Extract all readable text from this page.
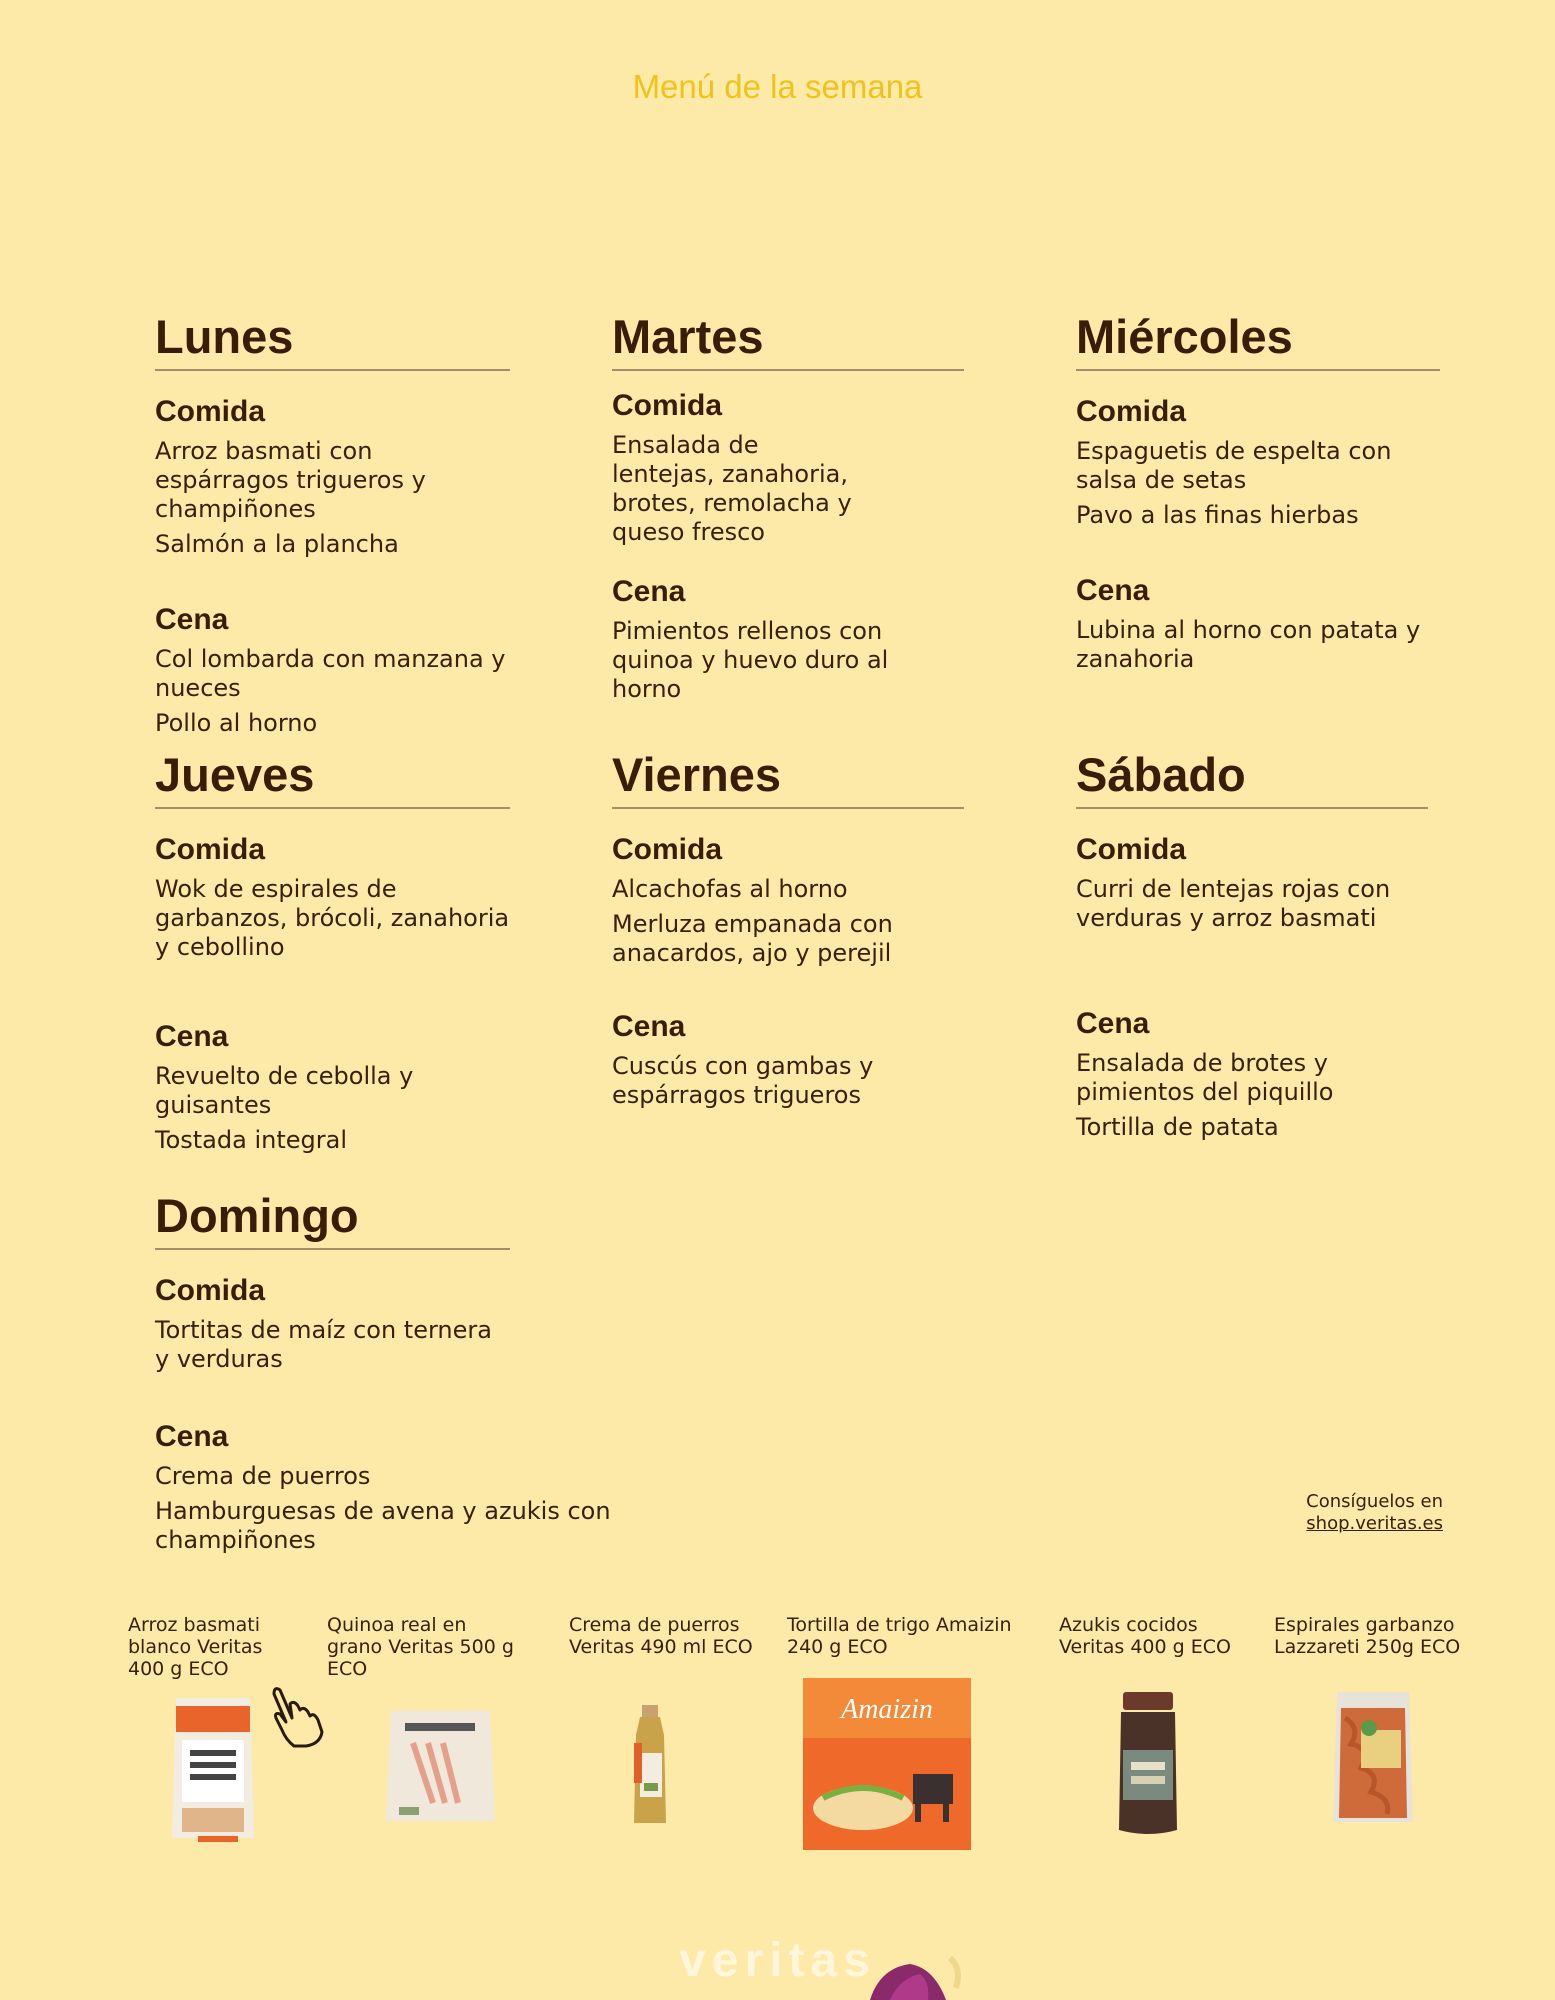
Menú de la semana
Lunes
Comida
Arroz basmati con espárragos trigueros y champiñones
Salmón a la plancha
Cena
Col lombarda con manzana y nueces
Pollo al horno
Martes
Comida
Ensalada de lentejas, zanahoria, brotes, remolacha y queso fresco
Cena
Pimientos rellenos con quinoa y huevo duro al horno
Miércoles
Comida
Espaguetis de espelta con salsa de setas
Pavo a las finas hierbas
Cena
Lubina al horno con patata y zanahoria
Jueves
Comida
Wok de espirales de garbanzos, brócoli, zanahoria y cebollino
Cena
Revuelto de cebolla y guisantes
Tostada integral
Viernes
Comida
Alcachofas al horno
Merluza empanada con anacardos, ajo y perejil
Cena
Cuscús con gambas y espárragos trigueros
Sábado
Comida
Curri de lentejas rojas con verduras y arroz basmati
Cena
Ensalada de brotes y pimientos del piquillo
Tortilla de patata
Domingo
Comida
Tortitas de maíz con ternera y verduras
Cena
Crema de puerros
Hamburguesas de avena y azukis con champiñones
Consíguelos en
shop.veritas.es
Arroz basmati blanco Veritas 400 g ECO
Quinoa real en grano Veritas 500 g ECO
Crema de puerros Veritas 490 ml ECO
Tortilla de trigo Amaizin 240 g ECO
Amaizin
Azukis cocidos Veritas 400 g ECO
Espirales garbanzo Lazzareti 250g ECO
veritas
